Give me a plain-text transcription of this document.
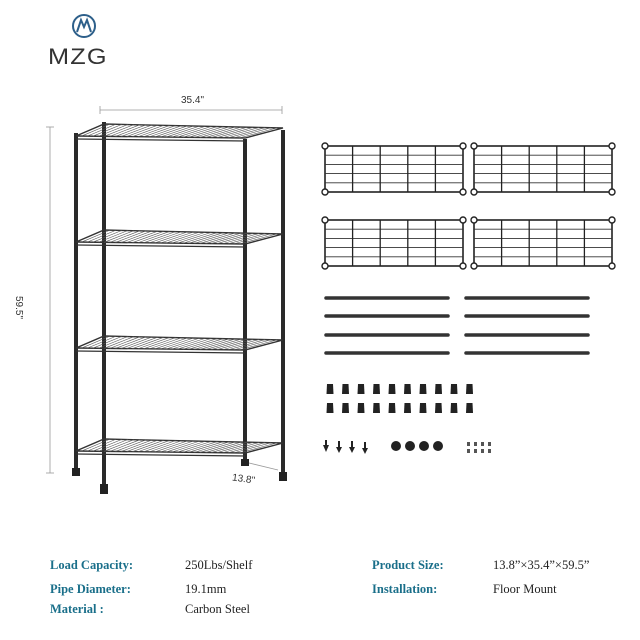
MZG
35.4"
59.5"
13.8"
Load Capacity:	250Lbs/Shelf
Pipe Diameter:	19.1mm
Material :	Carbon Steel
Product Size:	13.8”×35.4”×59.5”
Installation:	Floor Mount
